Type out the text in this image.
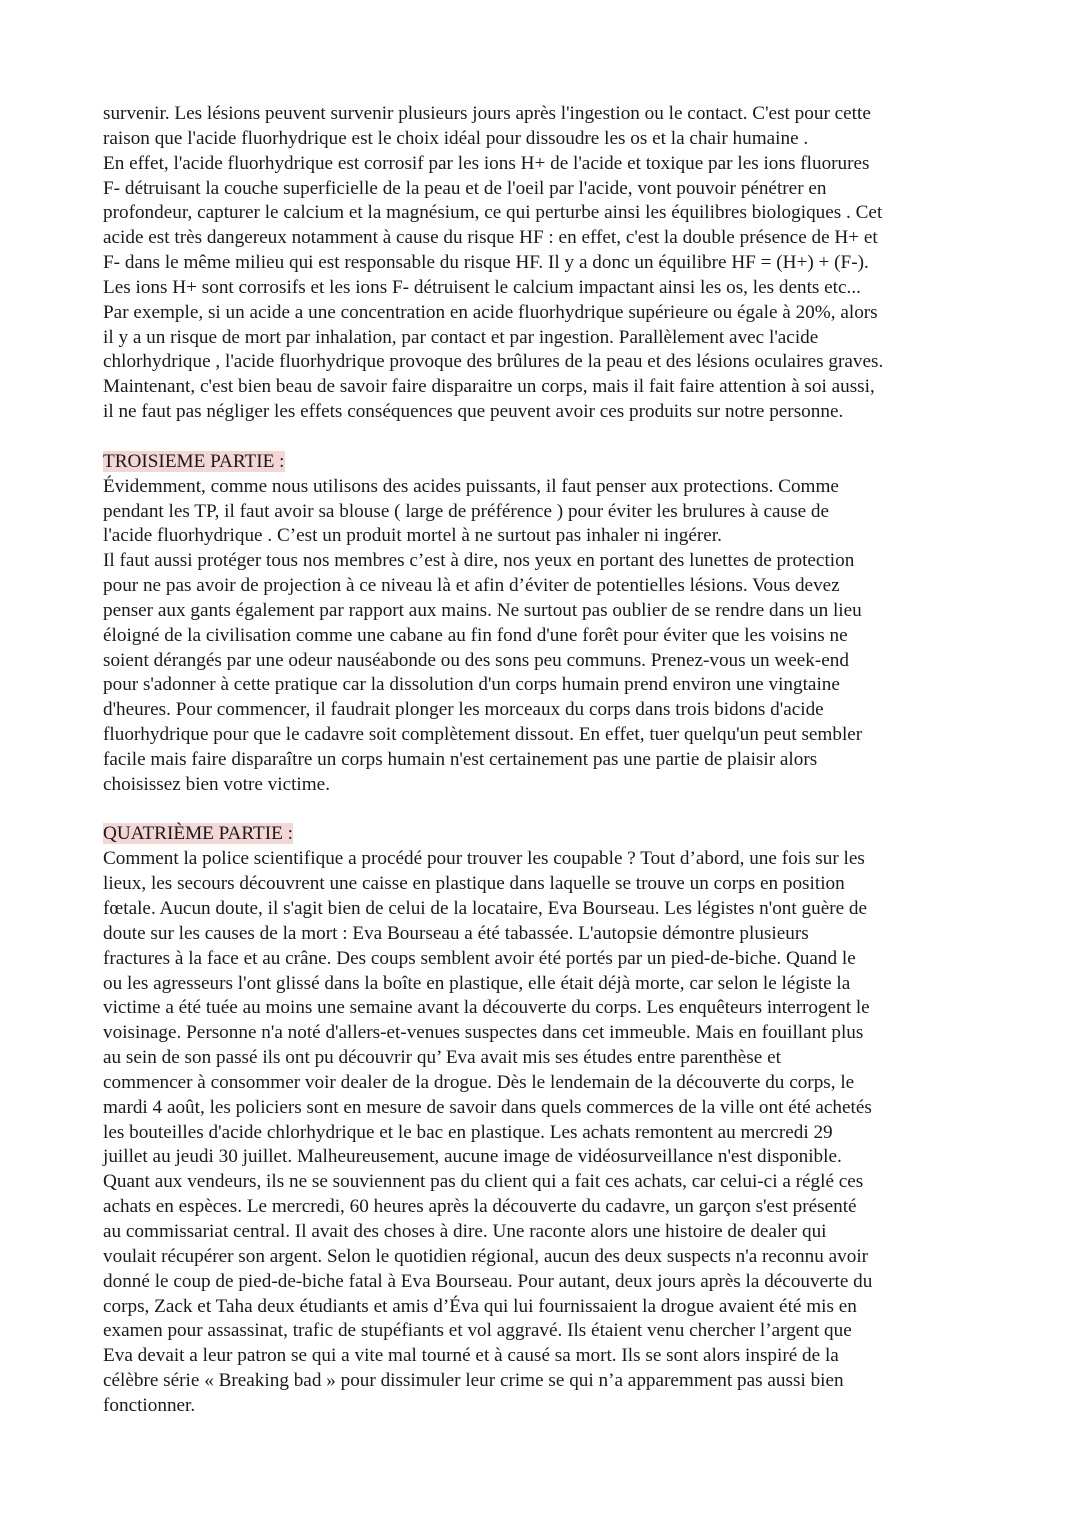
survenir. Les lésions peuvent survenir plusieurs jours après l'ingestion ou le contact. C'est pour cette
raison que l'acide fluorhydrique est le choix idéal pour dissoudre les os et la chair humaine .
En effet, l'acide fluorhydrique est corrosif par les ions H+ de l'acide et toxique par les ions fluorures
F- détruisant la couche superficielle de la peau et de l'oeil par l'acide, vont pouvoir pénétrer en
profondeur, capturer le calcium et la magnésium, ce qui perturbe ainsi les équilibres biologiques . Cet
acide est très dangereux notamment à cause du risque HF : en effet, c'est la double présence de H+ et
F- dans le même milieu qui est responsable du risque HF. Il y a donc un équilibre HF = (H+) + (F-).
Les ions H+ sont corrosifs et les ions F- détruisent le calcium impactant ainsi les os, les dents etc...
Par exemple, si un acide a une concentration en acide fluorhydrique supérieure ou égale à 20%, alors
il y a un risque de mort par inhalation, par contact et par ingestion. Parallèlement avec l'acide
chlorhydrique , l'acide fluorhydrique provoque des brûlures de la peau et des lésions oculaires graves.
Maintenant, c'est bien beau de savoir faire disparaitre un corps, mais il fait faire attention à soi aussi,
il ne faut pas négliger les effets conséquences que peuvent avoir ces produits sur notre personne.
TROISIEME PARTIE :
Évidemment, comme nous utilisons des acides puissants, il faut penser aux protections. Comme
pendant les TP, il faut avoir sa blouse ( large de préférence ) pour éviter les brulures à cause de
l'acide fluorhydrique . C’est un produit mortel à ne surtout pas inhaler ni ingérer.
Il faut aussi protéger tous nos membres c’est à dire, nos yeux en portant des lunettes de protection
pour ne pas avoir de projection à ce niveau là et afin d’éviter de potentielles lésions. Vous devez
penser aux gants également par rapport aux mains. Ne surtout pas oublier de se rendre dans un lieu
éloigné de la civilisation comme une cabane au fin fond d'une forêt pour éviter que les voisins ne
soient dérangés par une odeur nauséabonde ou des sons peu communs. Prenez-vous un week-end
pour s'adonner à cette pratique car la dissolution d'un corps humain prend environ une vingtaine
d'heures. Pour commencer, il faudrait plonger les morceaux du corps dans trois bidons d'acide
fluorhydrique pour que le cadavre soit complètement dissout. En effet, tuer quelqu'un peut sembler
facile mais faire disparaître un corps humain n'est certainement pas une partie de plaisir alors
choisissez bien votre victime.
QUATRIÈME PARTIE :
Comment la police scientifique a procédé pour trouver les coupable ? Tout d’abord, une fois sur les
lieux, les secours découvrent une caisse en plastique dans laquelle se trouve un corps en position
fœtale. Aucun doute, il s'agit bien de celui de la locataire, Eva Bourseau. Les légistes n'ont guère de
doute sur les causes de la mort : Eva Bourseau a été tabassée. L'autopsie démontre plusieurs
fractures à la face et au crâne. Des coups semblent avoir été portés par un pied-de-biche. Quand le
ou les agresseurs l'ont glissé dans la boîte en plastique, elle était déjà morte, car selon le légiste la
victime a été tuée au moins une semaine avant la découverte du corps. Les enquêteurs interrogent le
voisinage. Personne n'a noté d'allers-et-venues suspectes dans cet immeuble. Mais en fouillant plus
au sein de son passé ils ont pu découvrir qu’ Eva avait mis ses études entre parenthèse et
commencer à consommer voir dealer de la drogue. Dès le lendemain de la découverte du corps, le
mardi 4 août, les policiers sont en mesure de savoir dans quels commerces de la ville ont été achetés
les bouteilles d'acide chlorhydrique et le bac en plastique. Les achats remontent au mercredi 29
juillet au jeudi 30 juillet. Malheureusement, aucune image de vidéosurveillance n'est disponible.
Quant aux vendeurs, ils ne se souviennent pas du client qui a fait ces achats, car celui-ci a réglé ces
achats en espèces. Le mercredi, 60 heures après la découverte du cadavre, un garçon s'est présenté
au commissariat central. Il avait des choses à dire. Une raconte alors une histoire de dealer qui
voulait récupérer son argent. Selon le quotidien régional, aucun des deux suspects n'a reconnu avoir
donné le coup de pied-de-biche fatal à Eva Bourseau. Pour autant, deux jours après la découverte du
corps, Zack et Taha deux étudiants et amis d’Éva qui lui fournissaient la drogue avaient été mis en
examen pour assassinat, trafic de stupéfiants et vol aggravé. Ils étaient venu chercher l’argent que
Eva devait a leur patron se qui a vite mal tourné et à causé sa mort. Ils se sont alors inspiré de la
célèbre série « Breaking bad » pour dissimuler leur crime se qui n’a apparemment pas aussi bien
fonctionner.
